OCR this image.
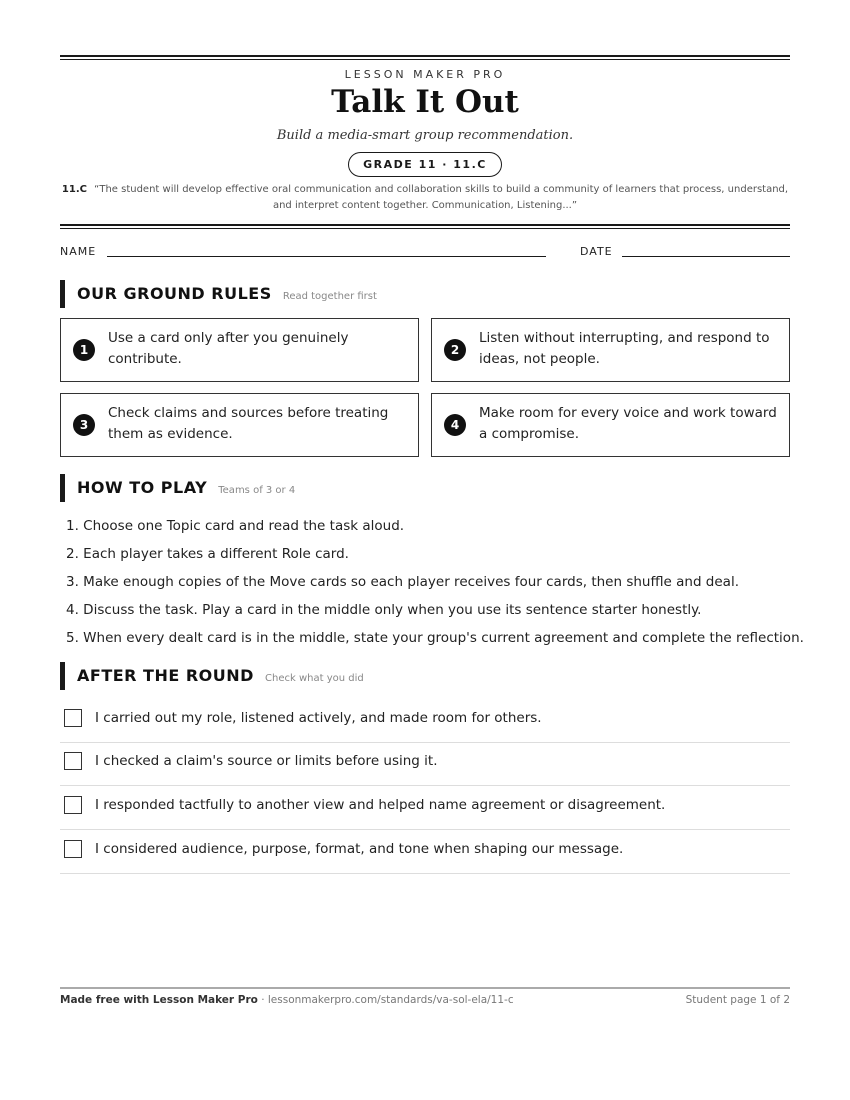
LESSON MAKER PRO
Talk It Out
Build a media-smart group recommendation.
GRADE 11 · 11.C
11.C “The student will develop effective oral communication and collaboration skills to build a community of learners that process, understand, and interpret content together. Communication, Listening...”
NAME	DATE
OUR GROUND RULES Read together first
1
Use a card only after you genuinely contribute.
2
Listen without interrupting, and respond to ideas, not people.
3
Check claims and sources before treating them as evidence.
4
Make room for every voice and work toward a compromise.
HOW TO PLAY Teams of 3 or 4
1. Choose one Topic card and read the task aloud.
2. Each player takes a different Role card.
3. Make enough copies of the Move cards so each player receives four cards, then shuffle and deal.
4. Discuss the task. Play a card in the middle only when you use its sentence starter honestly.
5. When every dealt card is in the middle, state your group's current agreement and complete the reflection.
AFTER THE ROUND Check what you did
I carried out my role, listened actively, and made room for others.
I checked a claim's source or limits before using it.
I responded tactfully to another view and helped name agreement or disagreement.
I considered audience, purpose, format, and tone when shaping our message.
Made free with Lesson Maker Pro · lessonmakerpro.com/standards/va-sol-ela/11-c	Student page 1 of 2
